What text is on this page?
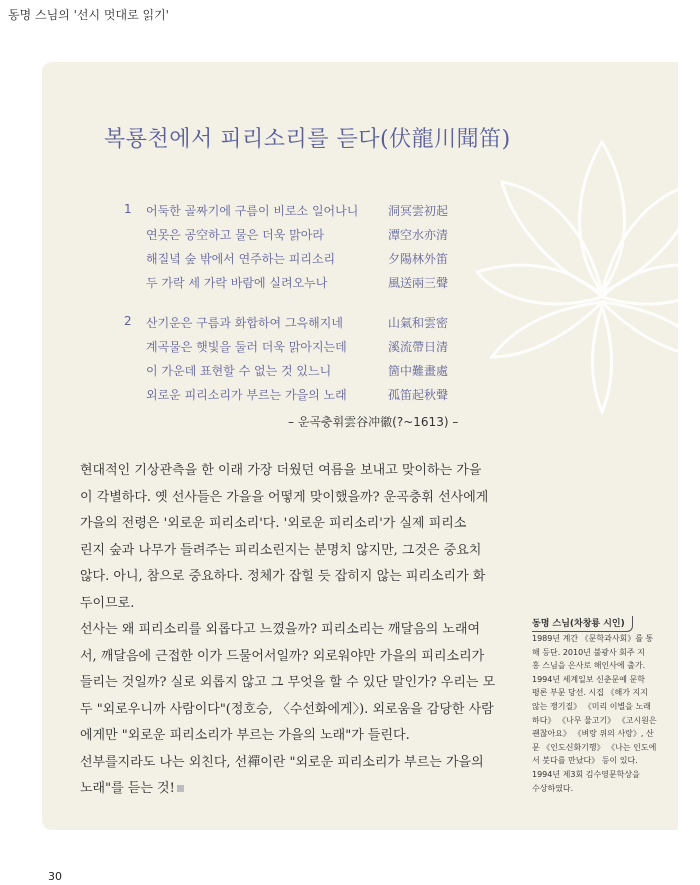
동명 스님의 '선시 멋대로 읽기'
복룡천에서 피리소리를 듣다(伏龍川聞笛)
1	어둑한 골짜기에 구름이 비로소 일어나니 洞冥雲初起
연못은 공空하고 물은 더욱 맑아라	潭空水亦清
해질녘 숲 밖에서 연주하는 피리소리	夕陽林外笛
두 가락 세 가락 바람에 실려오누나	風送兩三聲
2	산기운은 구름과 화합하여 그윽해지네	山氣和雲密
계곡물은 햇빛을 둘러 더욱 맑아지는데	溪流帶日清
이 가운데 표현할 수 없는 것 있느니	箇中難畫處
외로운 피리소리가 부르는 가을의 노래	孤笛起秋聲
– 운곡충휘雲谷冲徽(?~1613) –

현대적인 기상관측을 한 이래 가장 더웠던 여름을 보내고 맞이하는 가을

이 각별하다. 옛 선사들은 가을을 어떻게 맞이했을까? 운곡충휘 선사에게

가을의 전령은 '외로운 피리소리'다. '외로운 피리소리'가 실제 피리소

린지 숲과 나무가 들려주는 피리소린지는 분명치 않지만, 그것은 중요치

않다. 아니, 참으로 중요하다. 정체가 잡힐 듯 잡히지 않는 피리소리가 화

두이므로.

선사는 왜 피리소리를 외롭다고 느꼈을까? 피리소리는 깨달음의 노래여

서, 깨달음에 근접한 이가 드물어서일까? 외로워야만 가을의 피리소리가

들리는 것일까? 실로 외롭지 않고 그 무엇을 할 수 있단 말인가? 우리는 모

두 "외로우니까 사람이다"(정호승, 〈수선화에게〉). 외로움을 감당한 사람

에게만 "외로운 피리소리가 부르는 가을의 노래"가 들린다.

선부를지라도 나는 외친다, 선禪이란 "외로운 피리소리가 부르는 가을의

노래"를 듣는 것!

동명 스님(차창룡 시인)
1989년 계간 《문학과사회》를 통
해 등단. 2010년 불광사 회주 지
홍 스님을 은사로 해인사에 출가.
1994년 세계일보 신춘문예 문학
평론 부문 당선. 시집 《해가 지지
않는 쟁기질》 《미리 이별을 노래
하다》 《나무 물고기》 《고시원은
괜찮아요》 《벼랑 위의 사랑》, 산
문 《인도신화기행》 《나는 인도에
서 붓다를 만났다》 등이 있다.
1994년 제3회 김수영문학상을
수상하였다.
30
